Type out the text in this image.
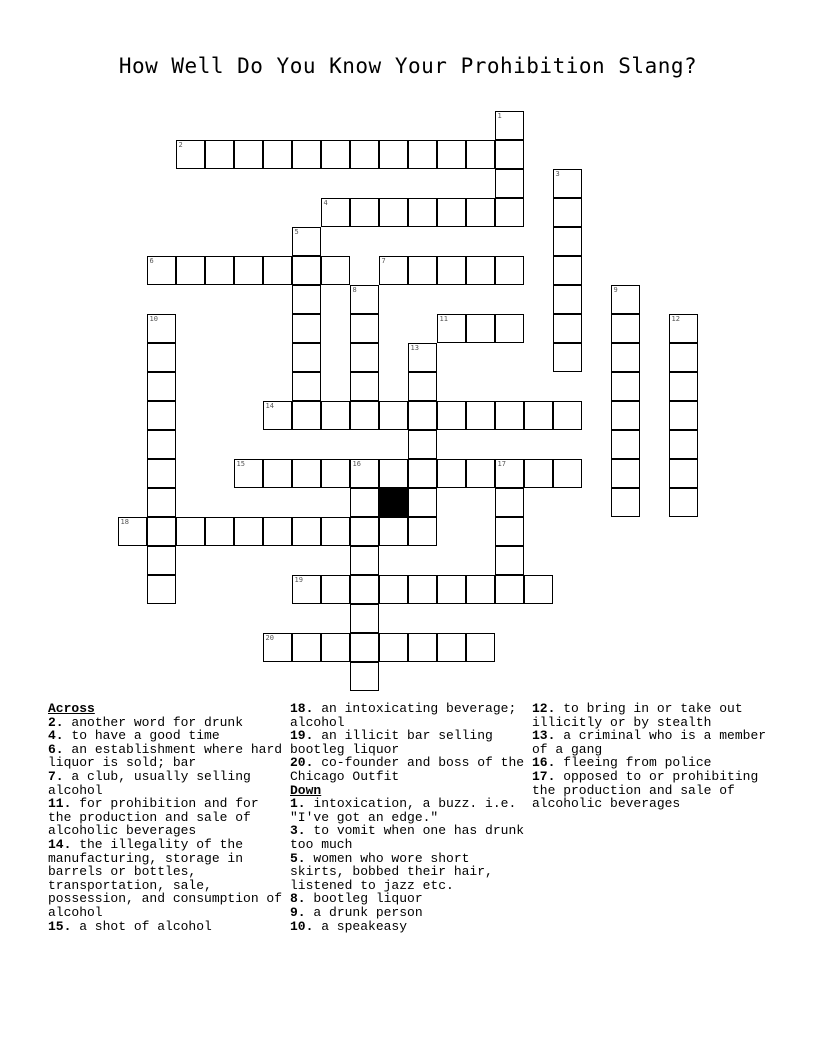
How Well Do You Know Your Prohibition Slang?
1
2
3
4
5
6	7
8	9
10	11	12
13
14
15	16	17
18
19
20
Across
2. another word for drunk
4. to have a good time
6. an establishment where hard liquor is sold; bar
7. a club, usually selling alcohol
11. for prohibition and for the production and sale of alcoholic beverages
14. the illegality of the manufacturing, storage in barrels or bottles, transportation, sale, possession, and consumption of alcohol
15. a shot of alcohol
18. an intoxicating beverage; alcohol
19. an illicit bar selling bootleg liquor
20. co-founder and boss of the Chicago Outfit
Down
1. intoxication, a buzz. i.e. "I've got an edge."
3. to vomit when one has drunk too much
5. women who wore short skirts, bobbed their hair, listened to jazz etc.
8. bootleg liquor
9. a drunk person
10. a speakeasy
12. to bring in or take out illicitly or by stealth
13. a criminal who is a member of a gang
16. fleeing from police
17. opposed to or prohibiting the production and sale of alcoholic beverages
